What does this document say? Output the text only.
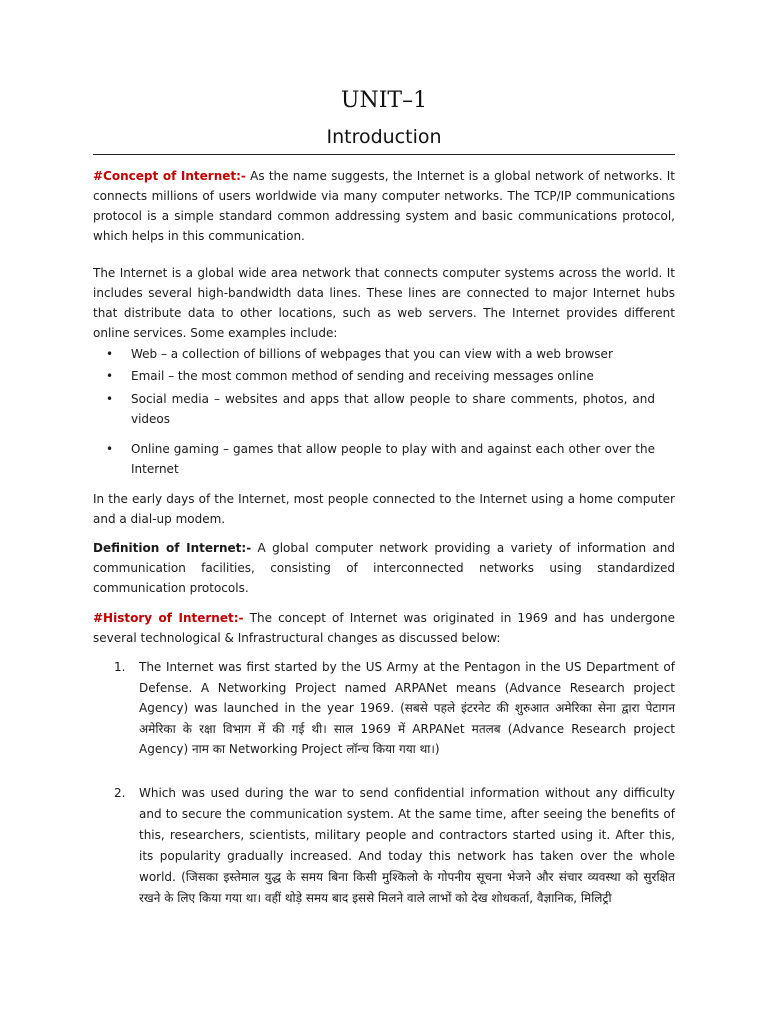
UNIT–1
Introduction
#Concept of Internet:- As the name suggests, the Internet is a global network of networks. It connects millions of users worldwide via many computer networks. The TCP/IP communications protocol is a simple standard common addressing system and basic communications protocol, which helps in this communication.
The Internet is a global wide area network that connects computer systems across the world. It includes several high-bandwidth data lines. These lines are connected to major Internet hubs that distribute data to other locations, such as web servers. The Internet provides different online services. Some examples include:
• Web – a collection of billions of webpages that you can view with a web browser
• Email – the most common method of sending and receiving messages online
• Social media – websites and apps that allow people to share comments, photos, and videos
• Online gaming – games that allow people to play with and against each other over the Internet
In the early days of the Internet, most people connected to the Internet using a home computer and a dial-up modem.
Definition of Internet:- A global computer network providing a variety of information and communication facilities, consisting of interconnected networks using standardized communication protocols.
#History of Internet:- The concept of Internet was originated in 1969 and has undergone several technological & Infrastructural changes as discussed below:
1. The Internet was first started by the US Army at the Pentagon in the US Department of Defense. A Networking Project named ARPANet means (Advance Research project Agency) was launched in the year 1969. (सबसे पहले इंटरनेट की शुरुआत अमेरिका सेना द्वारा पेटागन अमेरिका के रक्षा विभाग में की गई थी। साल 1969 में ARPANet मतलब (Advance Research project Agency) नाम का Networking Project लॉन्च किया गया था।)
2. Which was used during the war to send confidential information without any difficulty and to secure the communication system. At the same time, after seeing the benefits of this, researchers, scientists, military people and contractors started using it. After this, its popularity gradually increased. And today this network has taken over the whole world. (जिसका इस्तेमाल युद्ध के समय बिना किसी मुश्किलो के गोपनीय सूचना भेजने और संचार व्यवस्था को सुरक्षित रखने के लिए किया गया था। वहीं थोड़े समय बाद इससे मिलने वाले लाभों को देख शोधकर्ता, वैज्ञानिक, मिलिट्री
